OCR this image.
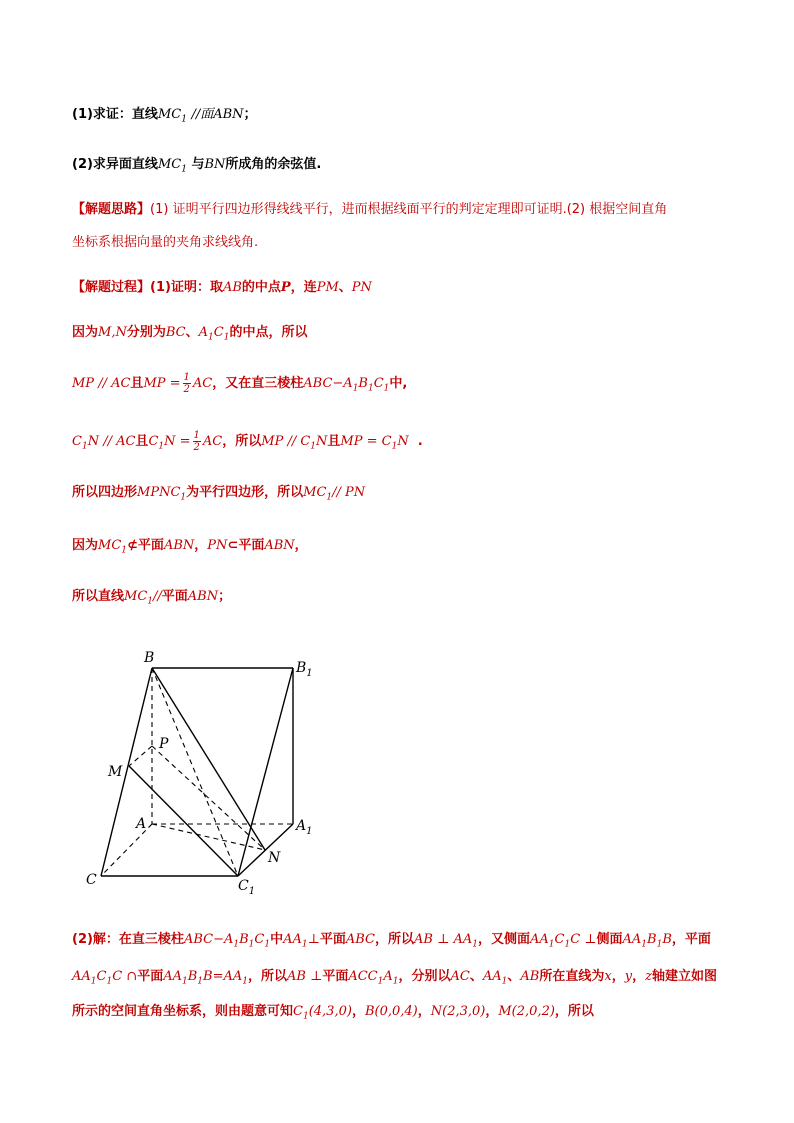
(1)求证：直线$MC_1$ //面ABN；
(2)求异面直线$MC_1$ 与BN所成角的余弦值.
【解题思路】(1) 证明平行四边形得线线平行，进而根据线面平行的判定定理即可证明.(2) 根据空间直角
坐标系根据向量的夹角求线线角.
【解题过程】(1)证明：取AB的中点P，连PM、PN
因为M,N分别为BC、$A_1C_1$的中点，所以
MP // AC且MP = $\frac{1}{2}$ AC，又在直三棱柱$ABC-A_1B_1C_1$中,
$C_1N$ // AC且$C_1N = \frac{1}{2}$ AC，所以MP // $C_1N$且MP = $C_1N$ .
所以四边形$MPNC_1$为平行四边形，所以$MC_1//$ PN
因为$MC_1⊄$平面ABN，PN⊂平面ABN，
所以直线$MC_1//$平面ABN；
B
$B_1$
P
M
A	$A_1$
N
C	$C_1$
(2)解：在直三棱柱$ABC-A_1B_1C_1$中$AA_1\perp$平面ABC，所以AB ⊥ $AA_1$，又侧面$AA_1C_1C$ ⊥侧面$AA_1B_1B$，平面
$AA_1C_1C$ ∩平面$AA_1B_1B=AA_1$，所以AB ⊥平面$ACC_1A_1$，分别以AC、$AA_1$、AB所在直线为x，y，z轴建立如图
所示的空间直角坐标系，则由题意可知$C_1(4,3,0)$，B(0,0,4)，N(2,3,0)，M(2,0,2)，所以
